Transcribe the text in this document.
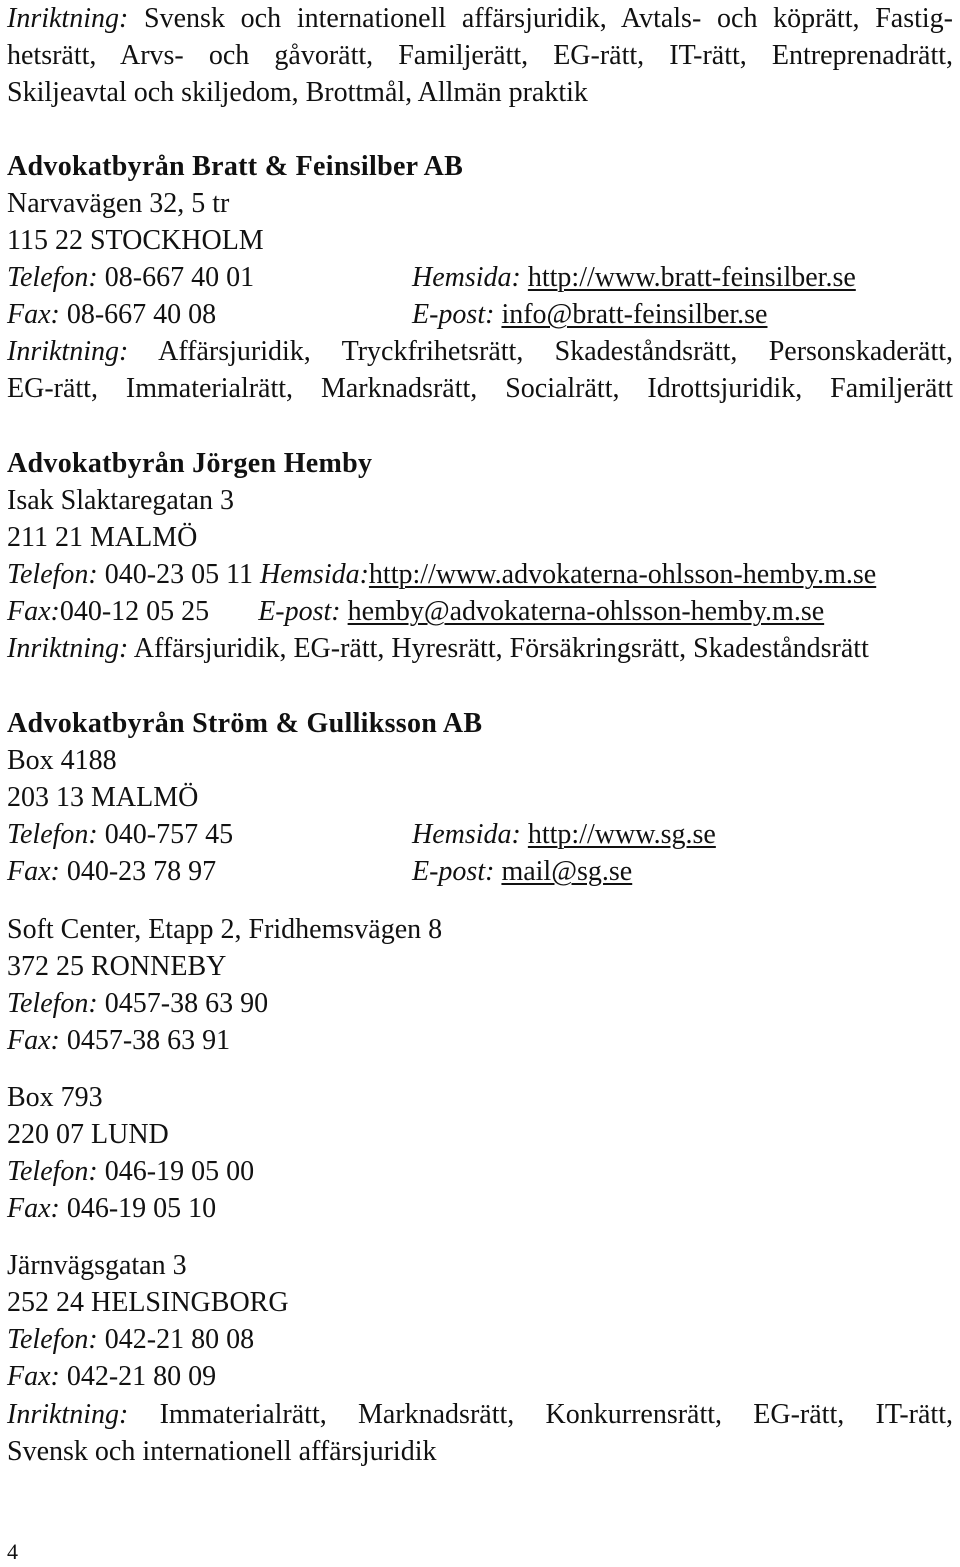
Inriktning: Svensk och internationell affärsjuridik, Avtals- och köprätt, Fastig-
hetsrätt, Arvs- och gåvorätt, Familjerätt, EG-rätt, IT-rätt, Entreprenadrätt,
Skiljeavtal och skiljedom, Brottmål, Allmän praktik
Advokatbyrån Bratt & Feinsilber AB
Narvavägen 32, 5 tr
115 22 STOCKHOLM
Telefon: 08-667 40 01	Hemsida: http://www.bratt-feinsilber.se
Fax: 08-667 40 08	E-post: info@bratt-feinsilber.se
Inriktning: Affärsjuridik, Tryckfrihetsrätt, Skadeståndsrätt, Personskaderätt,
EG-rätt, Immaterialrätt, Marknadsrätt, Socialrätt, Idrottsjuridik, Familjerätt
Advokatbyrån Jörgen Hemby
Isak Slaktaregatan 3
211 21 MALMÖ
Telefon: 040-23 05 11 Hemsida:http://www.advokaterna-ohlsson-hemby.m.se
Fax:040-12 05 25 E-post: hemby@advokaterna-ohlsson-hemby.m.se
Inriktning: Affärsjuridik, EG-rätt, Hyresrätt, Försäkringsrätt, Skadeståndsrätt
Advokatbyrån Ström & Gulliksson AB
Box 4188
203 13 MALMÖ
Telefon: 040-757 45	Hemsida: http://www.sg.se
Fax: 040-23 78 97	E-post: mail@sg.se
Soft Center, Etapp 2, Fridhemsvägen 8
372 25 RONNEBY
Telefon: 0457-38 63 90
Fax: 0457-38 63 91
Box 793
220 07 LUND
Telefon: 046-19 05 00
Fax: 046-19 05 10
Järnvägsgatan 3
252 24 HELSINGBORG
Telefon: 042-21 80 08
Fax: 042-21 80 09
Inriktning: Immaterialrätt, Marknadsrätt, Konkurrensrätt, EG-rätt, IT-rätt,
Svensk och internationell affärsjuridik
4
